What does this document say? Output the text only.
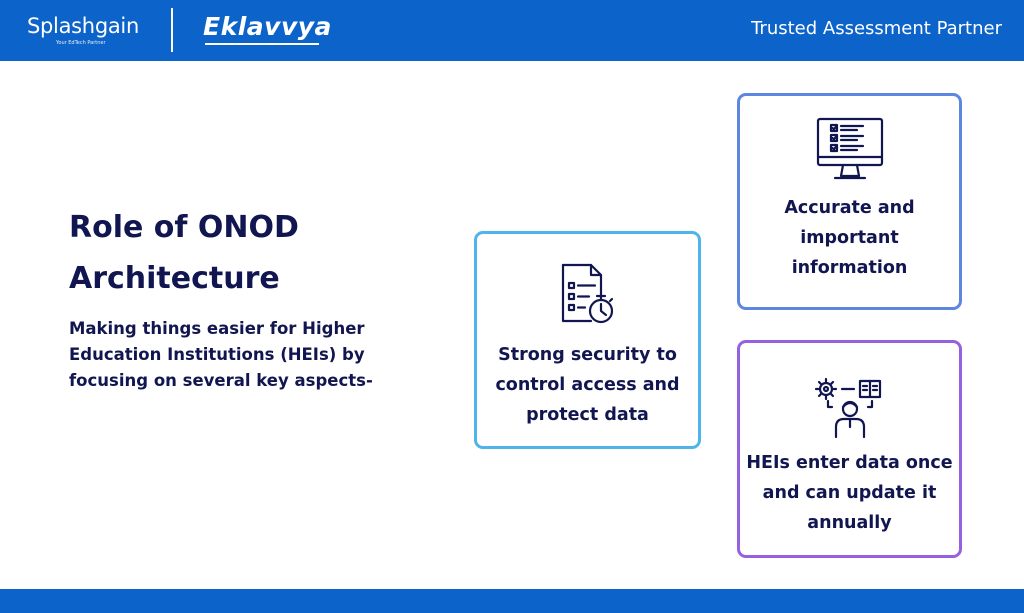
Splashgain
Your EdTech Partner
Eklavvya	Trusted Assessment Partner
Role of ONOD Architecture
Making things easier for Higher Education Institutions (HEIs) by focusing on several key aspects-
Strong security to control access and protect data
Accurate and important information
HEIs enter data once and can update it annually
